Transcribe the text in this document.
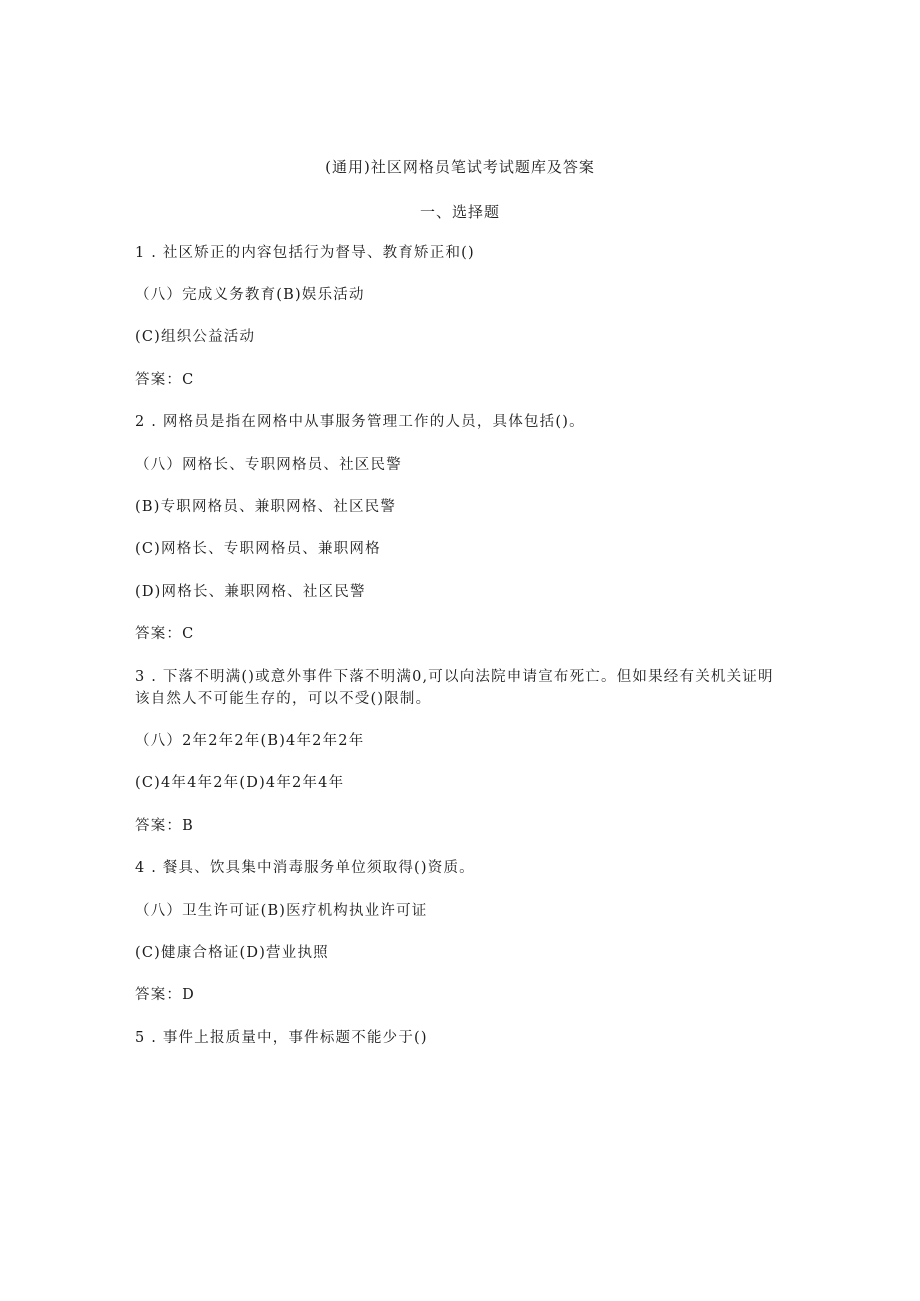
(通用)社区网格员笔试考试题库及答案
一、选择题
1 . 社区矫正的内容包括行为督导、教育矫正和()
（八）完成义务教育(B)娱乐活动
(C)组织公益活动
答案：C
2 . 网格员是指在网格中从事服务管理工作的人员，具体包括()。
（八）网格长、专职网格员、社区民警
(B)专职网格员、兼职网格、社区民警
(C)网格长、专职网格员、兼职网格
(D)网格长、兼职网格、社区民警
答案：C
3 . 下落不明满()或意外事件下落不明满0,可以向法院申请宣布死亡。但如果经有关机关证明
该自然人不可能生存的，可以不受()限制。
（八）2年2年2年(B)4年2年2年
(C)4年4年2年(D)4年2年4年
答案：B
4 . 餐具、饮具集中消毒服务单位须取得()资质。
（八）卫生许可证(B)医疗机构执业许可证
(C)健康合格证(D)营业执照
答案：D
5 . 事件上报质量中，事件标题不能少于()
